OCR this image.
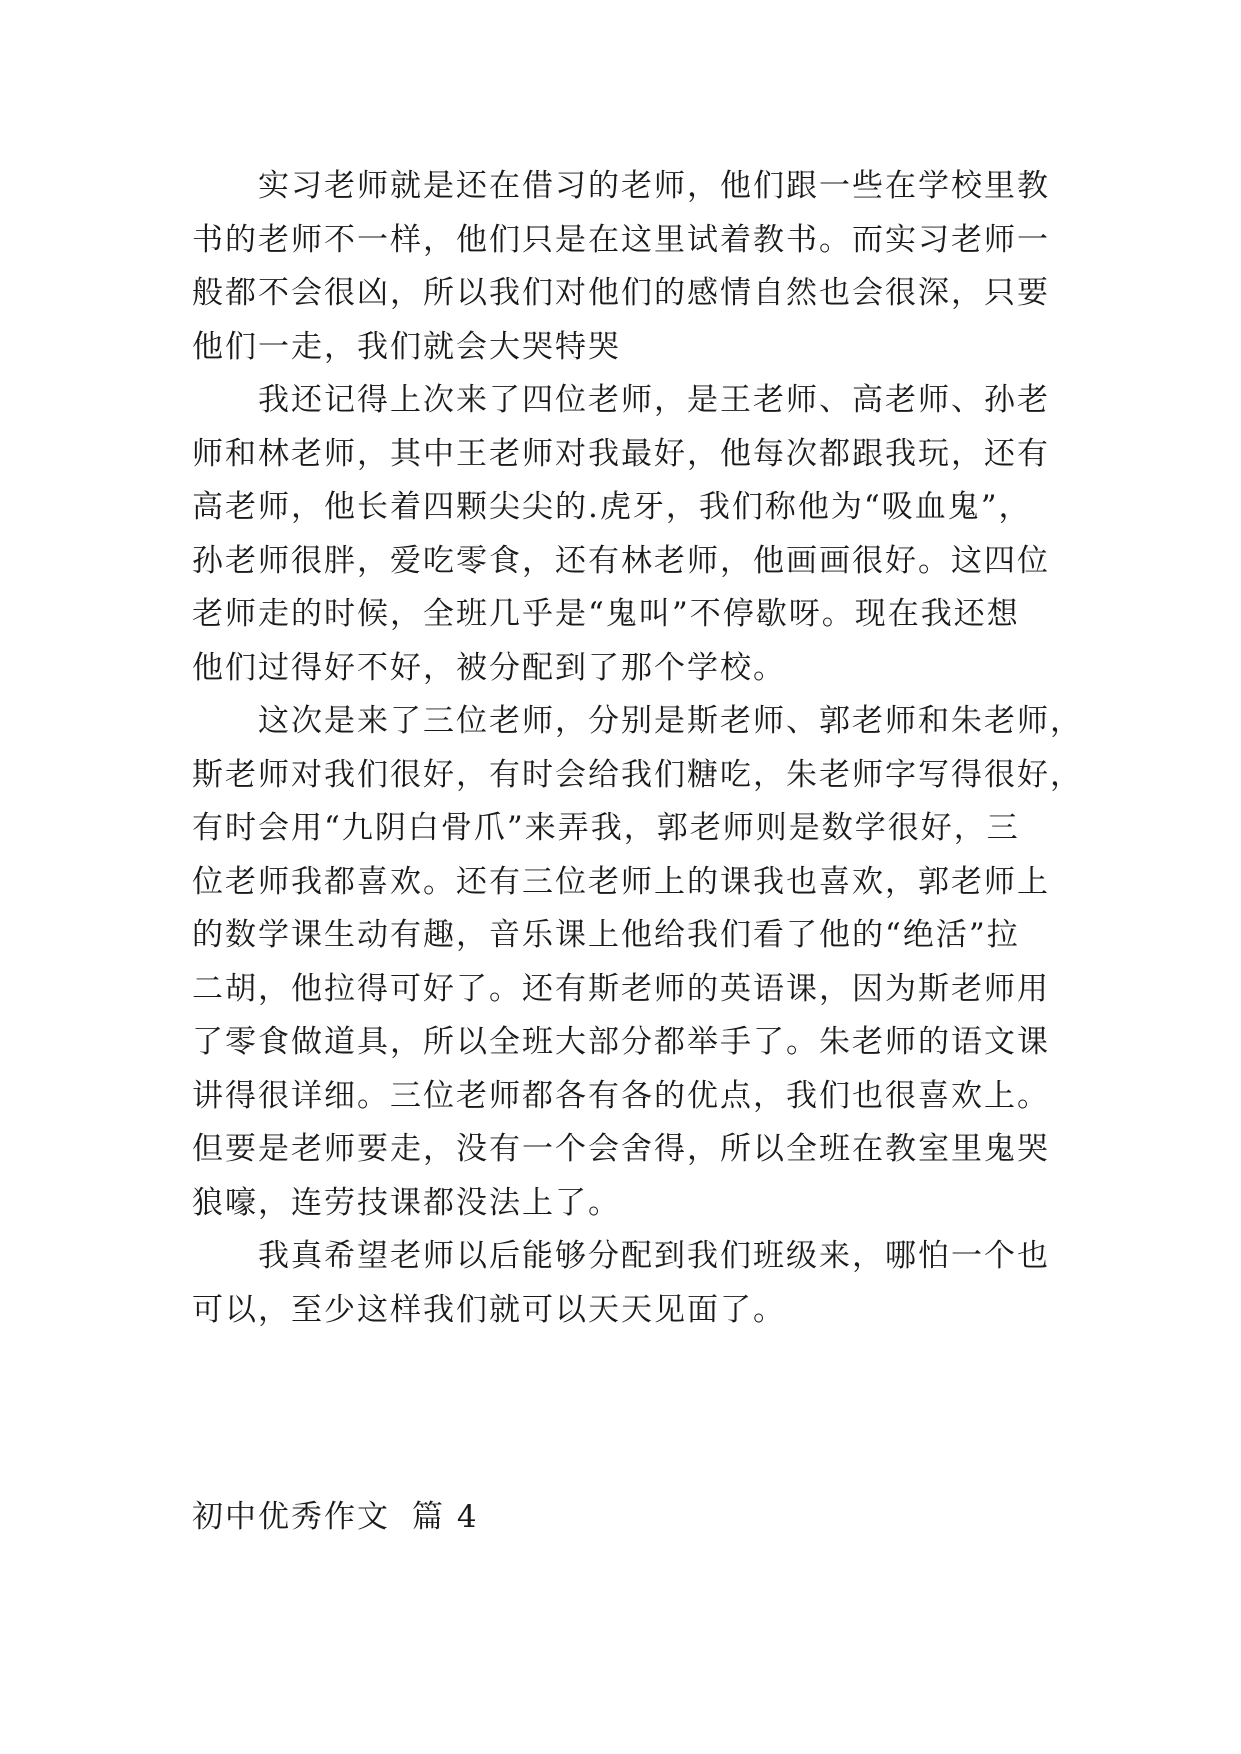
实习老师就是还在借习的老师，他们跟一些在学校里教
书的老师不一样，他们只是在这里试着教书。而实习老师一
般都不会很凶，所以我们对他们的感情自然也会很深，只要
他们一走，我们就会大哭特哭
我还记得上次来了四位老师，是王老师、高老师、孙老
师和林老师，其中王老师对我最好，他每次都跟我玩，还有
高老师，他长着四颗尖尖的.虎牙，我们称他为“吸血鬼”，
孙老师很胖，爱吃零食，还有林老师，他画画很好。这四位
老师走的时候，全班几乎是“鬼叫”不停歇呀。现在我还想
他们过得好不好，被分配到了那个学校。
这次是来了三位老师，分别是斯老师、郭老师和朱老师，
斯老师对我们很好，有时会给我们糖吃，朱老师字写得很好，
有时会用“九阴白骨爪”来弄我，郭老师则是数学很好，三
位老师我都喜欢。还有三位老师上的课我也喜欢，郭老师上
的数学课生动有趣，音乐课上他给我们看了他的“绝活”拉
二胡，他拉得可好了。还有斯老师的英语课，因为斯老师用
了零食做道具，所以全班大部分都举手了。朱老师的语文课
讲得很详细。三位老师都各有各的优点，我们也很喜欢上。
但要是老师要走，没有一个会舍得，所以全班在教室里鬼哭
狼嚎，连劳技课都没法上了。
我真希望老师以后能够分配到我们班级来，哪怕一个也
可以，至少这样我们就可以天天见面了。
初中优秀作文 篇 4
